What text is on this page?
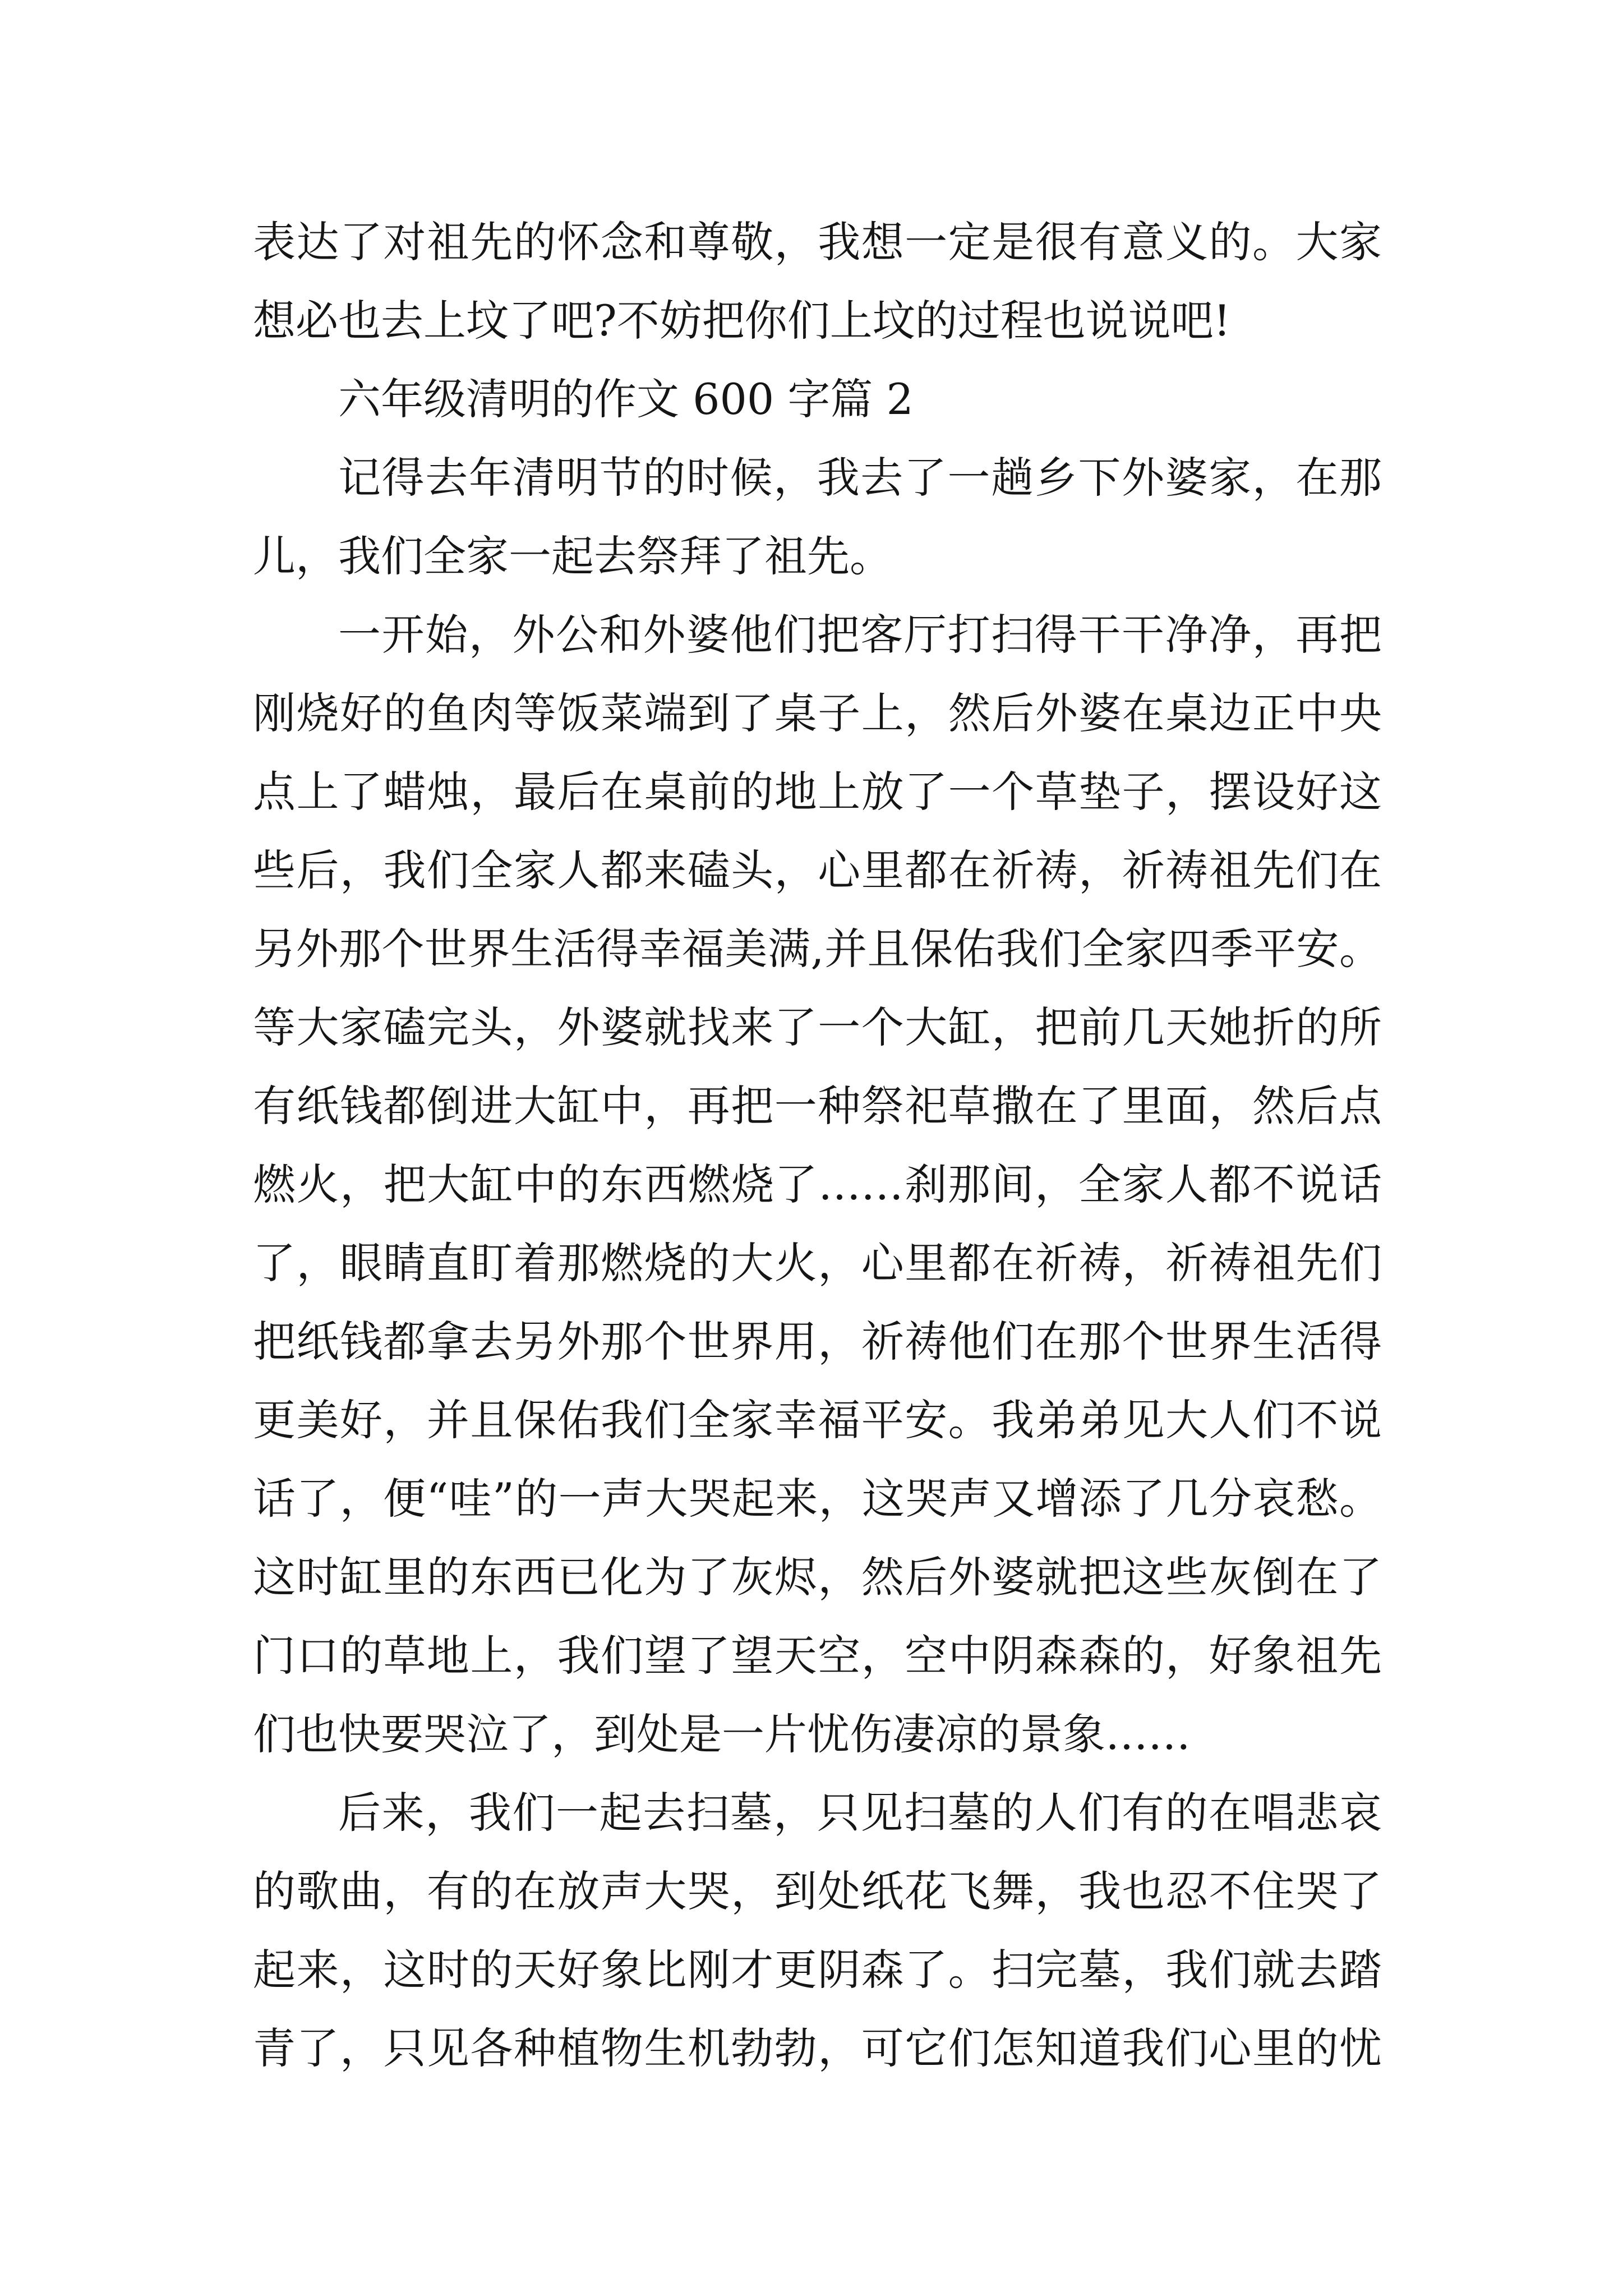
表达了对祖先的怀念和尊敬，我想一定是很有意义的。大家
想必也去上坟了吧?不妨把你们上坟的过程也说说吧!
六年级清明的作文 600 字篇 2
记得去年清明节的时候，我去了一趟乡下外婆家，在那
儿，我们全家一起去祭拜了祖先。
一开始，外公和外婆他们把客厅打扫得干干净净，再把
刚烧好的鱼肉等饭菜端到了桌子上，然后外婆在桌边正中央
点上了蜡烛，最后在桌前的地上放了一个草垫子，摆设好这
些后，我们全家人都来磕头，心里都在祈祷，祈祷祖先们在
另外那个世界生活得幸福美满,并且保佑我们全家四季平安。
等大家磕完头，外婆就找来了一个大缸，把前几天她折的所
有纸钱都倒进大缸中，再把一种祭祀草撒在了里面，然后点
燃火，把大缸中的东西燃烧了……刹那间，全家人都不说话
了，眼睛直盯着那燃烧的大火，心里都在祈祷，祈祷祖先们
把纸钱都拿去另外那个世界用，祈祷他们在那个世界生活得
更美好，并且保佑我们全家幸福平安。我弟弟见大人们不说
话了，便“哇”的一声大哭起来，这哭声又增添了几分哀愁。
这时缸里的东西已化为了灰烬，然后外婆就把这些灰倒在了
门口的草地上，我们望了望天空，空中阴森森的，好象祖先
们也快要哭泣了，到处是一片忧伤凄凉的景象……
后来，我们一起去扫墓，只见扫墓的人们有的在唱悲哀
的歌曲，有的在放声大哭，到处纸花飞舞，我也忍不住哭了
起来，这时的天好象比刚才更阴森了。扫完墓，我们就去踏
青了，只见各种植物生机勃勃，可它们怎知道我们心里的忧
